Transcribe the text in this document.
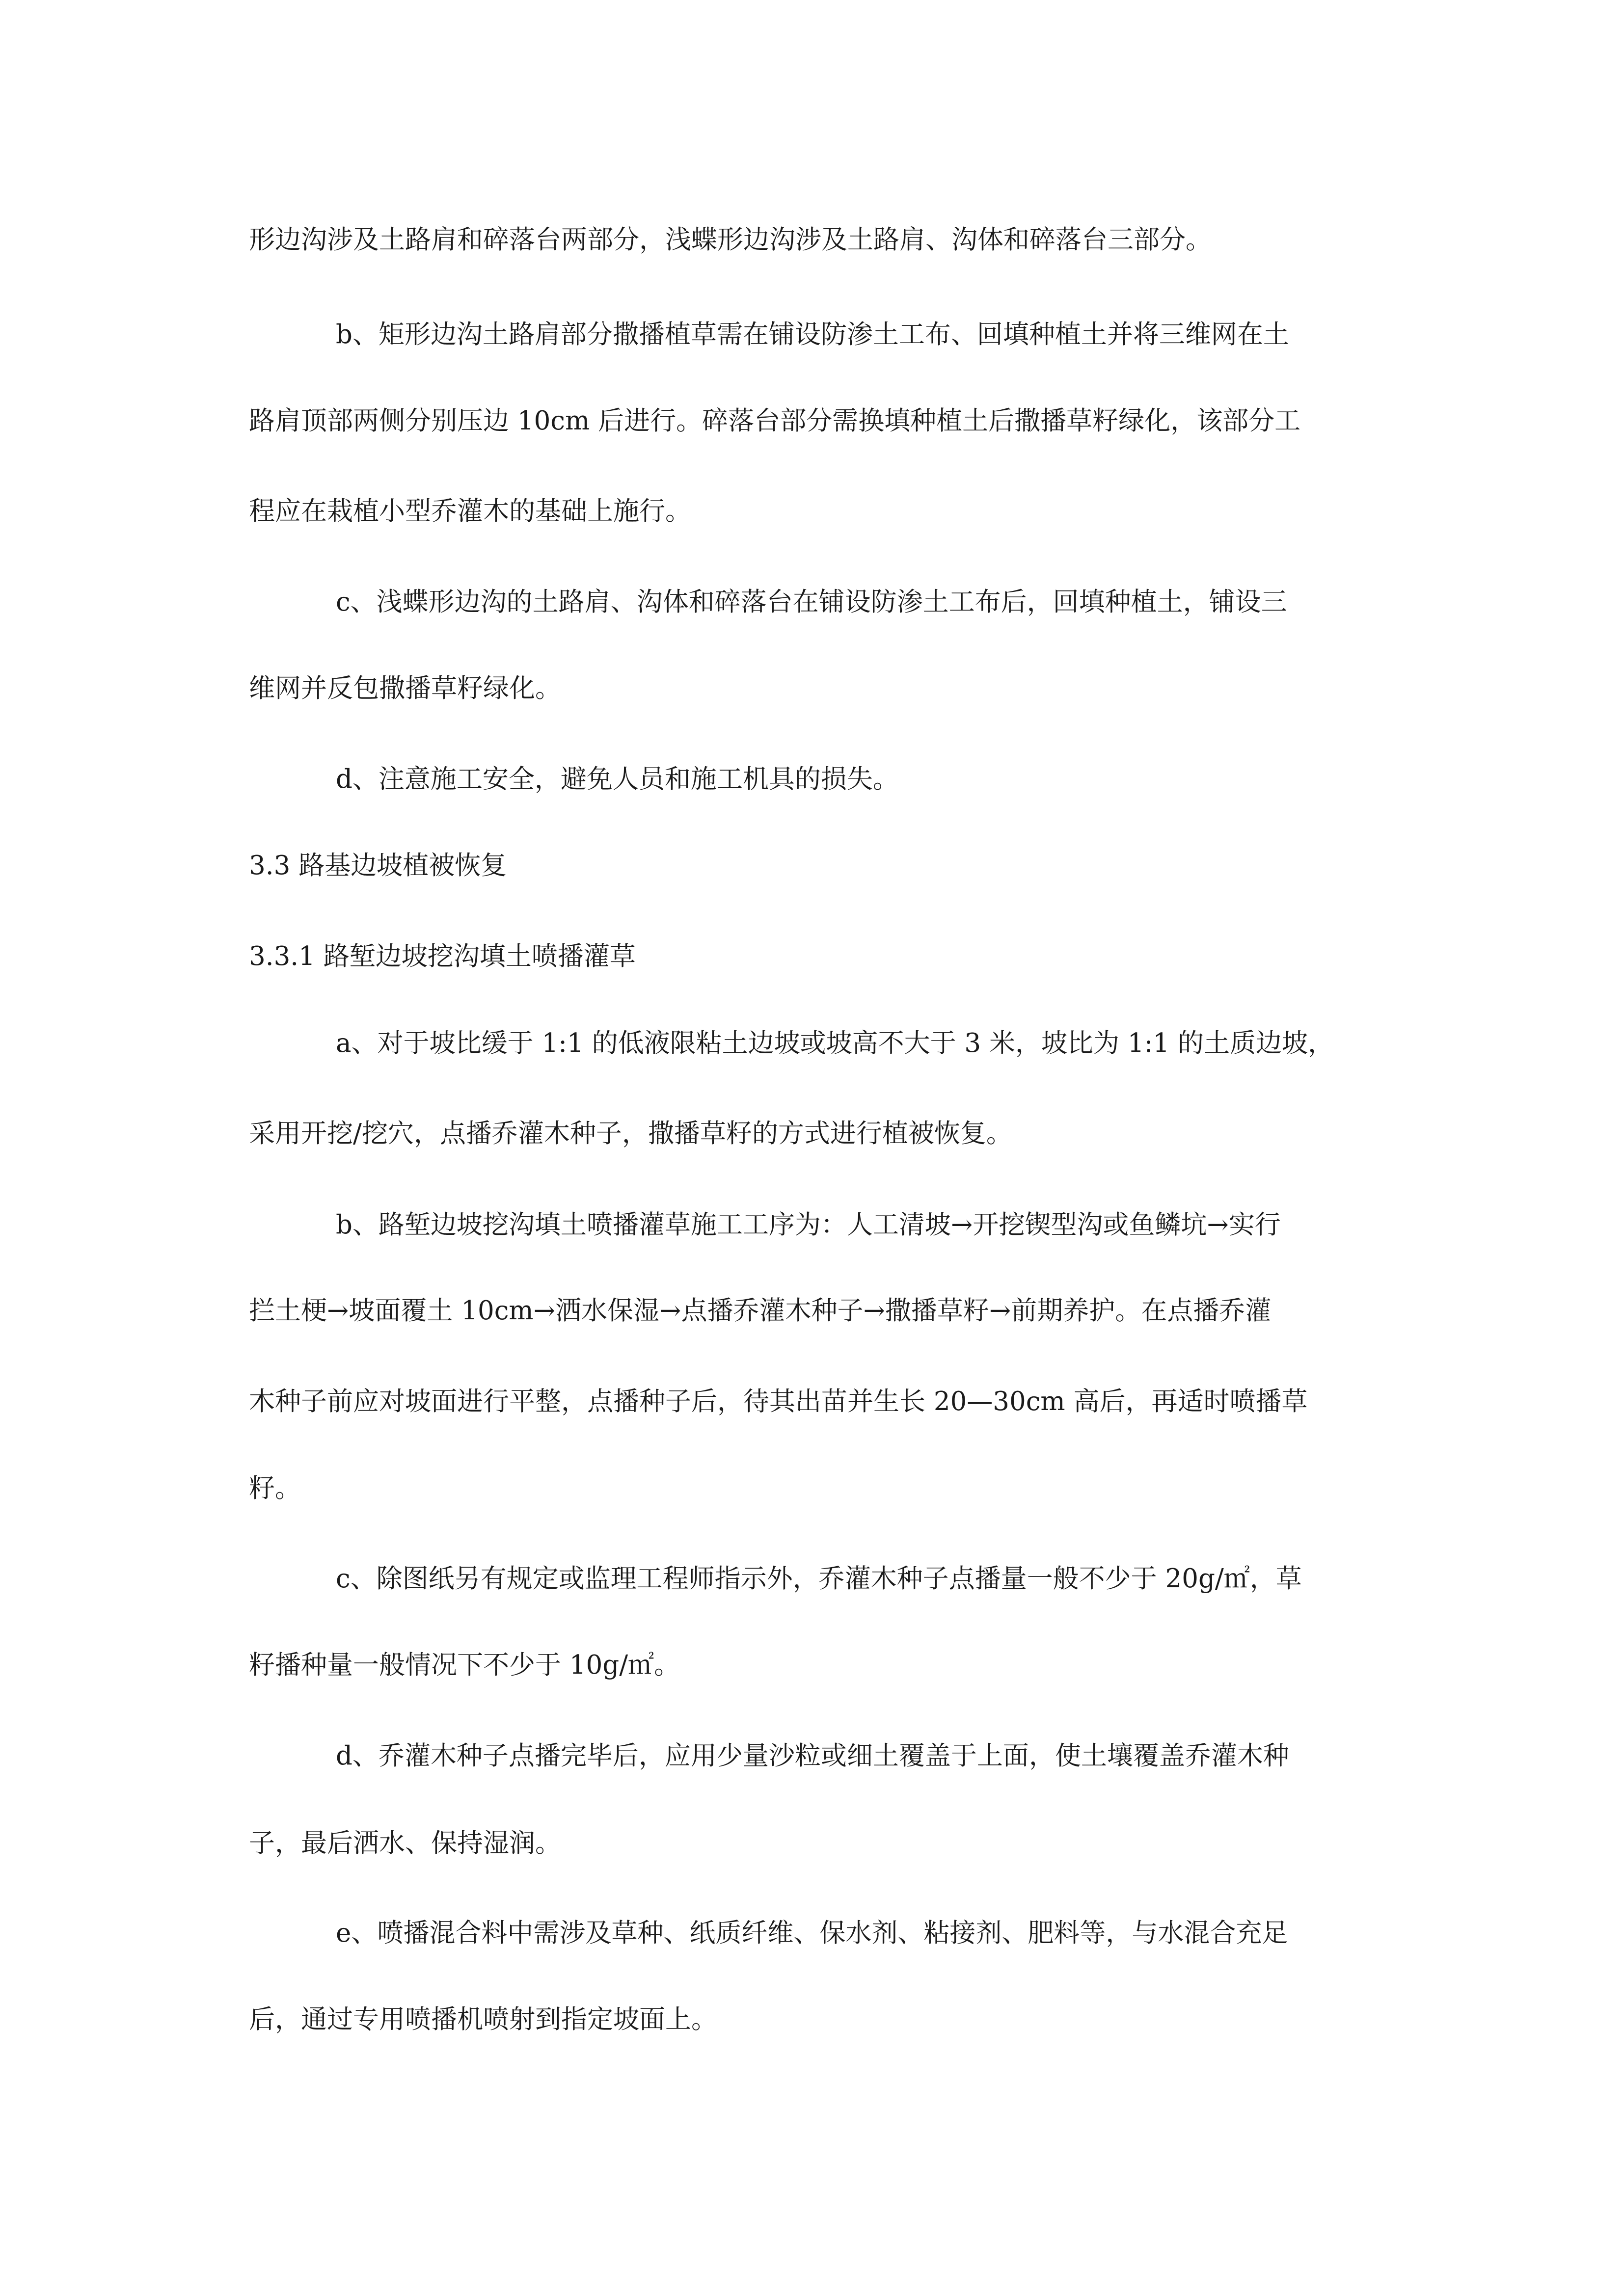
形边沟涉及土路肩和碎落台两部分，浅蝶形边沟涉及土路肩、沟体和碎落台三部分。
b、矩形边沟土路肩部分撒播植草需在铺设防渗土工布、回填种植土并将三维网在土
路肩顶部两侧分别压边 10cm 后进行。碎落台部分需换填种植土后撒播草籽绿化，该部分工
程应在栽植小型乔灌木的基础上施行。
c、浅蝶形边沟的土路肩、沟体和碎落台在铺设防渗土工布后，回填种植土，铺设三
维网并反包撒播草籽绿化。
d、注意施工安全，避免人员和施工机具的损失。
3.3 路基边坡植被恢复
3.3.1 路堑边坡挖沟填土喷播灌草
a、对于坡比缓于 1:1 的低液限粘土边坡或坡高不大于 3 米，坡比为 1:1 的土质边坡，
采用开挖/挖穴，点播乔灌木种子，撒播草籽的方式进行植被恢复。
b、路堑边坡挖沟填土喷播灌草施工工序为：人工清坡→开挖锲型沟或鱼鳞坑→实行
拦土梗→坡面覆土 10cm→洒水保湿→点播乔灌木种子→撒播草籽→前期养护。在点播乔灌
木种子前应对坡面进行平整，点播种子后，待其出苗并生长 20—30cm 高后，再适时喷播草
籽。
c、除图纸另有规定或监理工程师指示外，乔灌木种子点播量一般不少于 20g/㎡，草
籽播种量一般情况下不少于 10g/㎡。
d、乔灌木种子点播完毕后，应用少量沙粒或细土覆盖于上面，使土壤覆盖乔灌木种
子，最后洒水、保持湿润。
e、喷播混合料中需涉及草种、纸质纤维、保水剂、粘接剂、肥料等，与水混合充足
后，通过专用喷播机喷射到指定坡面上。
